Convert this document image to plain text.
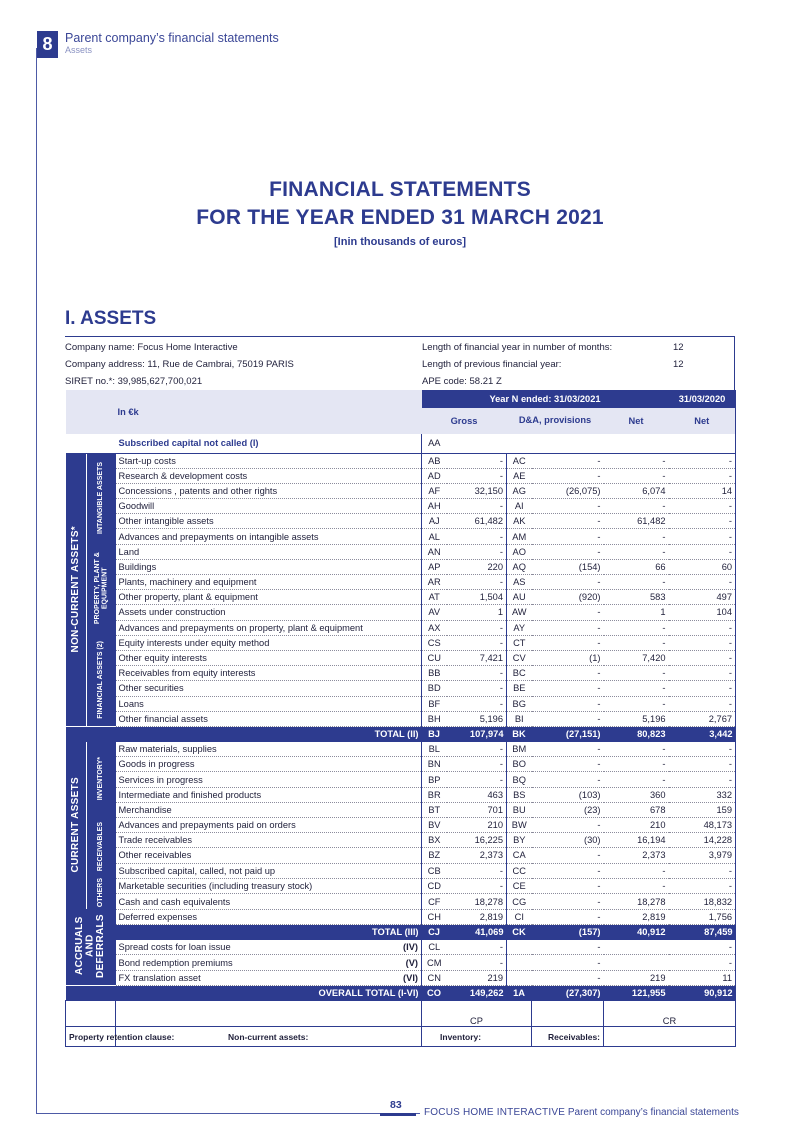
8	Parent company’s financial statements
Assets
FINANCIAL STATEMENTS
FOR THE YEAR ENDED 31 MARCH 2021
[Inin thousands of euros]
I. ASSETS
Company name: Focus Home Interactive
Company address: 11, Rue de Cambrai, 75019 PARIS
SIRET no.*: 39,985,627,700,021
Length of financial year in number of months:	12
Length of previous financial year:	12
APE code: 58.21 Z
In €k			Year N ended: 31/03/2021					31/03/2020
			Gross		D&A, provisions		Net	Net
		Subscribed capital not called (I)	AA					
NON-CURRENT ASSETS*	INTANGIBLE ASSETS	Start-up costs	AB	-	AC	-	-	-
		Research & development costs	AD	-	AE	-	-	-
		Concessions , patents and other rights	AF	32,150	AG	(26,075)	6,074	14
		Goodwill	AH	-	AI	-	-	-
		Other intangible assets	AJ	61,482	AK	-	61,482	-
		Advances and prepayments on intangible assets	AL	-	AM	-	-	-
	PROPERTY, PLANT & EQUIPMENT	Land	AN	-	AO	-	-	-
		Buildings	AP	220	AQ	(154)	66	60
		Plants, machinery and equipment	AR	-	AS	-	-	-
		Other property, plant & equipment	AT	1,504	AU	(920)	583	497
		Assets under construction	AV	1	AW	-	1	104
		Advances and prepayments on property, plant & equipment	AX	-	AY	-	-	-
	FINANCIAL ASSETS (2)	Equity interests under equity method	CS	-	CT	-	-	-
		Other equity interests	CU	7,421	CV	(1)	7,420	-
		Receivables from equity interests	BB	-	BC	-	-	-
		Other securities	BD	-	BE	-	-	-
		Loans	BF	-	BG	-	-	-
		Other financial assets	BH	5,196	BI	-	5,196	2,767
TOTAL (II)			BJ	107,974	BK	(27,151)	80,823	3,442
CURRENT ASSETS	INVENTORY*	Raw materials, supplies	BL	-	BM	-	-	-
		Goods in progress	BN	-	BO	-	-	-
		Services in progress	BP	-	BQ	-	-	-
		Intermediate and finished products	BR	463	BS	(103)	360	332
		Merchandise	BT	701	BU	(23)	678	159
	RECEIVABLES	Advances and prepayments paid on orders	BV	210	BW	-	210	48,173
		Trade receivables	BX	16,225	BY	(30)	16,194	14,228
		Other receivables	BZ	2,373	CA	-	2,373	3,979
		Subscribed capital, called, not paid up	CB	-	CC	-	-	-
	OTHERS	Marketable securities (including treasury stock)	CD	-	CE	-	-	-
		Cash and cash equivalents	CF	18,278	CG	-	18,278	18,832
ACCRUALS AND DEFERRALS		Deferred expenses	CH	2,819	CI	-	2,819	1,756
		TOTAL (III)	CJ	41,069	CK	(157)	40,912	87,459
		Spread costs for loan issue (IV)	CL	-		-		-
		Bond redemption premiums (V)	CM	-		-		-
		FX translation asset (VI)	CN	219		-	219	11
OVERALL TOTAL (I-VI)			CO	149,262	1A	(27,307)	121,955	90,912
			CP				CR	
Property retention clause:		Non-current assets:	Inventory:			Receivables:		
83
FOCUS HOME INTERACTIVE Parent company’s financial statements
